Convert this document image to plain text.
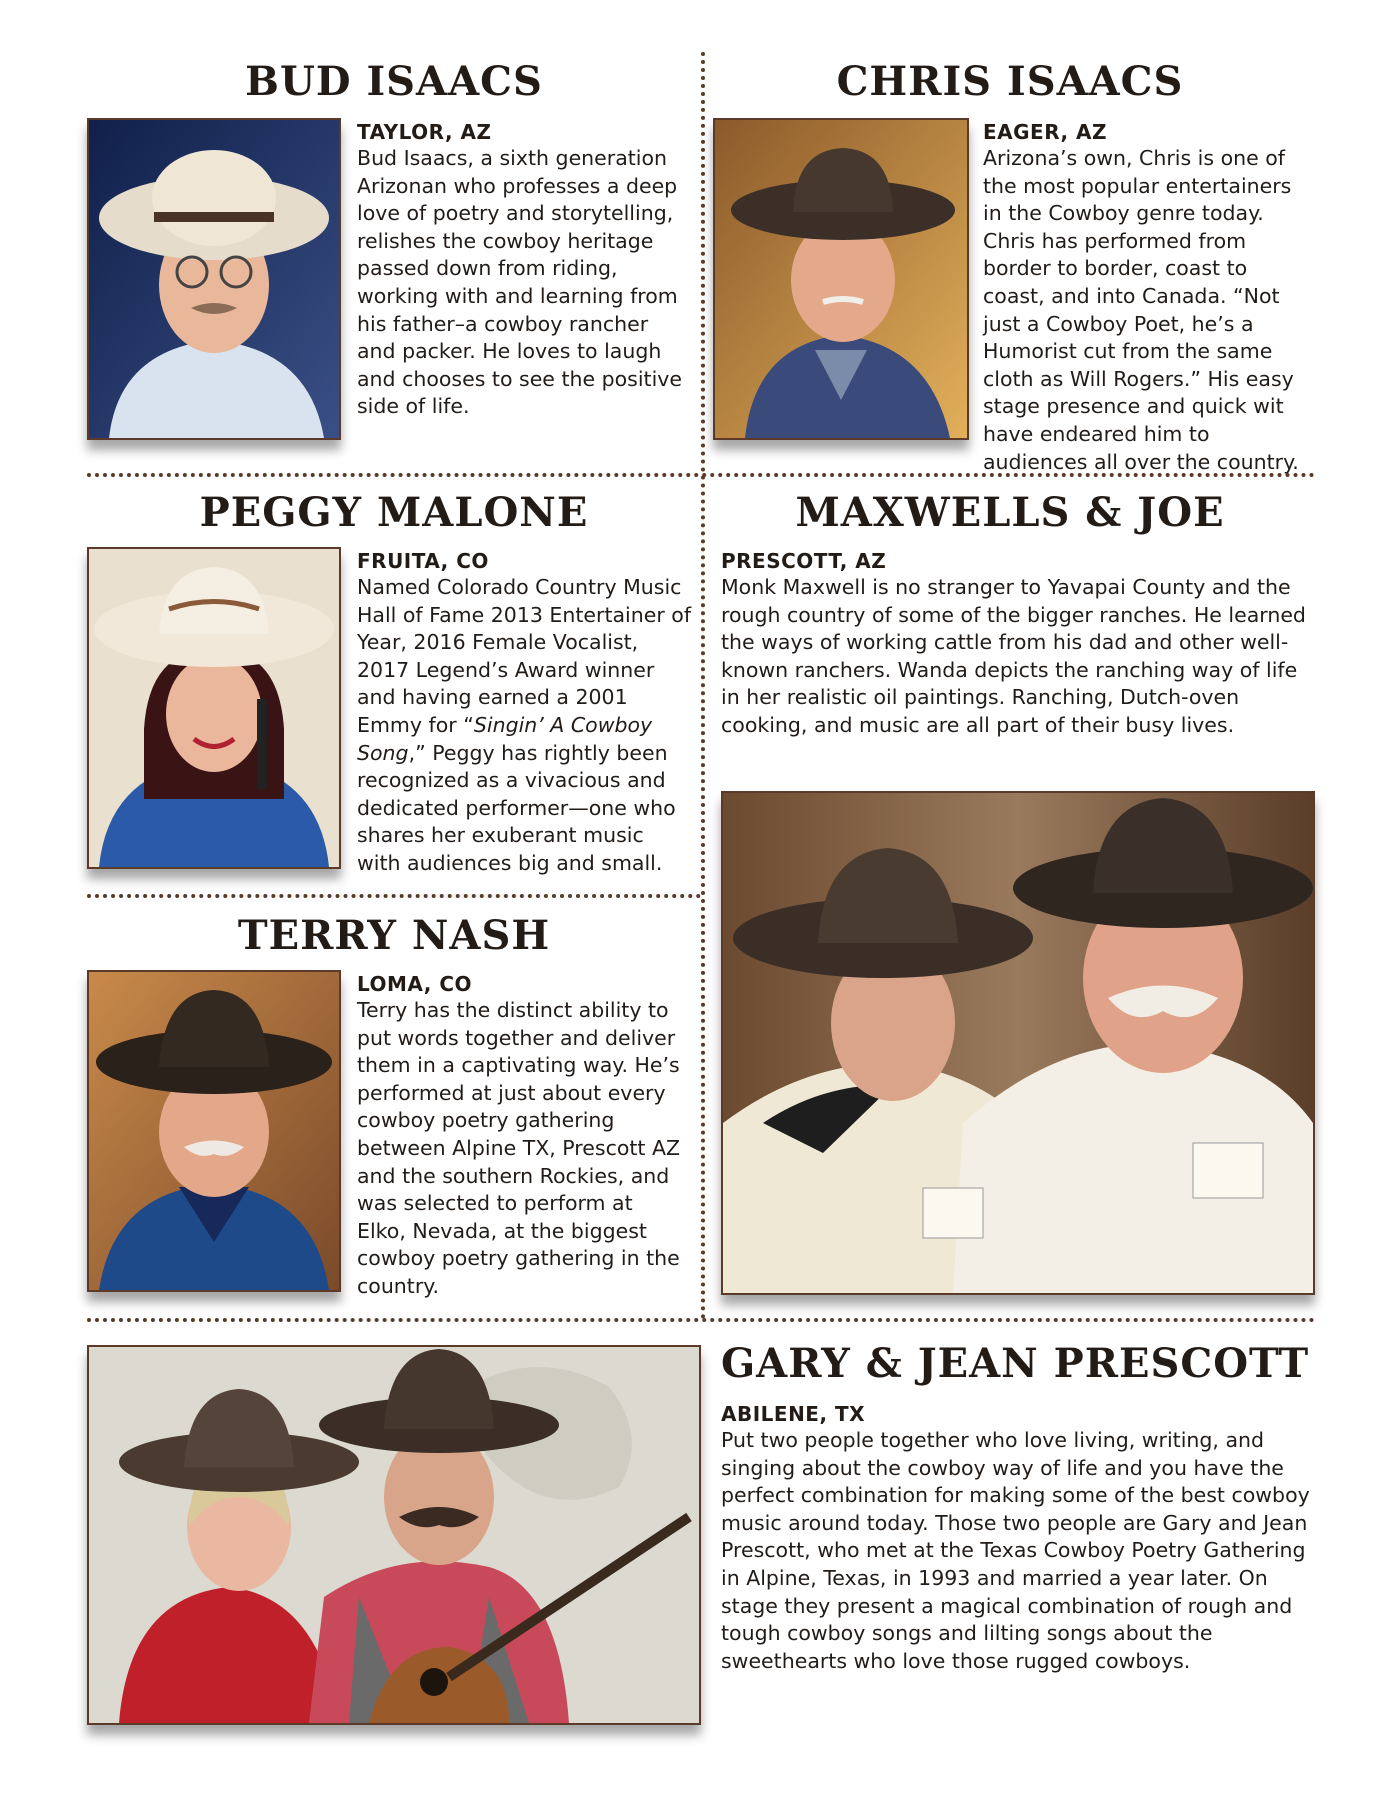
BUD ISAACS

TAYLOR, AZ

Bud Isaacs, a sixth generation Arizonan who professes a deep love of poetry and storytelling, relishes the cowboy heritage passed down from riding, working with and learning from his father–a cowboy rancher and packer. He loves to laugh and chooses to see the positive side of life.

CHRIS ISAACS

EAGER, AZ

Arizona’s own, Chris is one of the most popular entertainers in the Cowboy genre today. Chris has performed from border to border, coast to coast, and into Canada. “Not just a Cowboy Poet, he’s a Humorist cut from the same cloth as Will Rogers.” His easy stage presence and quick wit have endeared him to audiences all over the country.

PEGGY MALONE

FRUITA, CO

Named Colorado Country Music Hall of Fame 2013 Entertainer of Year, 2016 Female Vocalist, 2017 Legend’s Award winner and having earned a 2001 Emmy for “Singin’ A Cowboy Song,” Peggy has rightly been recognized as a vivacious and dedicated performer—one who shares her exuberant music with audiences big and small.

MAXWELLS & JOE

PRESCOTT, AZ

Monk Maxwell is no stranger to Yavapai County and the rough country of some of the bigger ranches. He learned the ways of working cattle from his dad and other well-known ranchers. Wanda depicts the ranching way of life in her realistic oil paintings. Ranching, Dutch-oven cooking, and music are all part of their busy lives.

TERRY NASH

LOMA, CO

Terry has the distinct ability to put words together and deliver them in a captivating way. He’s performed at just about every cowboy poetry gathering between Alpine TX, Prescott AZ and the southern Rockies, and was selected to perform at Elko, Nevada, at the biggest cowboy poetry gathering in the country.

GARY & JEAN PRESCOTT

ABILENE, TX

Put two people together who love living, writing, and singing about the cowboy way of life and you have the perfect combination for making some of the best cowboy music around today. Those two people are Gary and Jean Prescott, who met at the Texas Cowboy Poetry Gathering in Alpine, Texas, in 1993 and married a year later. On stage they present a magical combination of rough and tough cowboy songs and lilting songs about the sweethearts who love those rugged cowboys.
